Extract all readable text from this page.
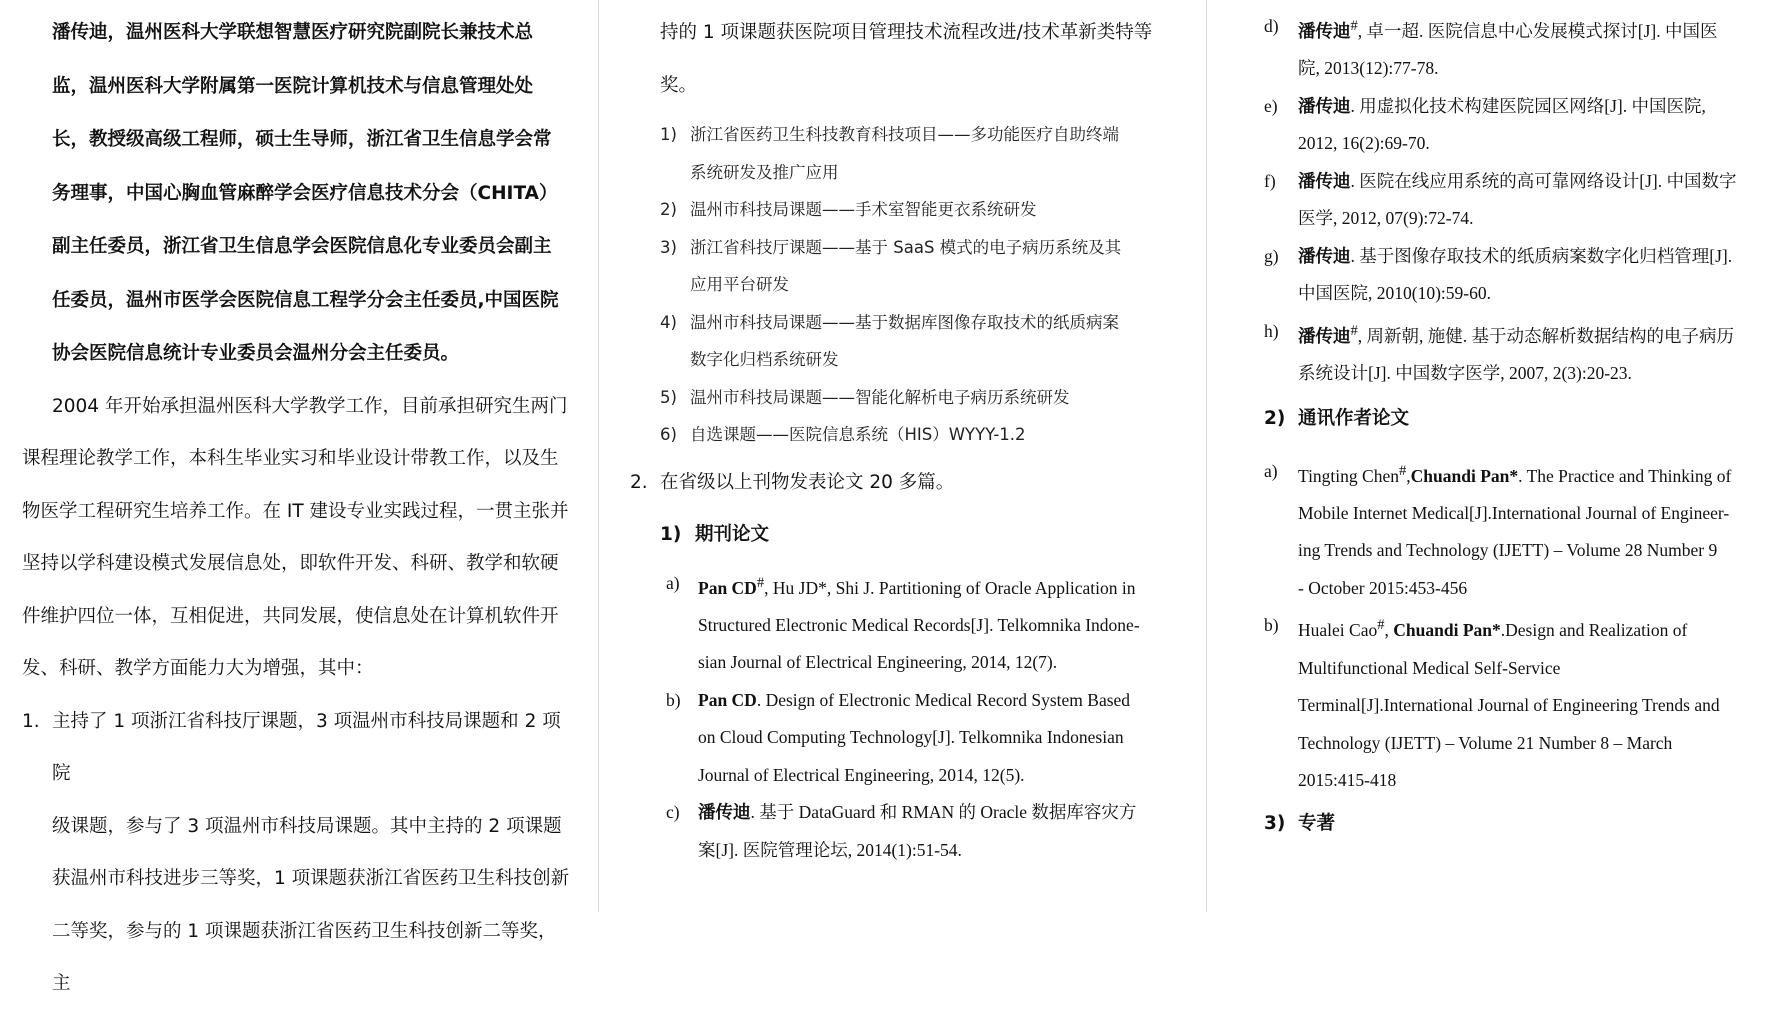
潘传迪，温州医科大学联想智慧医疗研究院副院长兼技术总
监，温州医科大学附属第一医院计算机技术与信息管理处处
长，教授级高级工程师，硕士生导师，浙江省卫生信息学会常
务理事，中国心胸血管麻醉学会医疗信息技术分会（CHITA）
副主任委员，浙江省卫生信息学会医院信息化专业委员会副主
任委员，温州市医学会医院信息工程学分会主任委员,中国医院
协会医院信息统计专业委员会温州分会主任委员。
2004 年开始承担温州医科大学教学工作，目前承担研究生两门
课程理论教学工作，本科生毕业实习和毕业设计带教工作，以及生
物医学工程研究生培养工作。在 IT 建设专业实践过程，一贯主张并
坚持以学科建设模式发展信息处，即软件开发、科研、教学和软硬
件维护四位一体，互相促进，共同发展，使信息处在计算机软件开
发、科研、教学方面能力大为增强，其中：
1. 主持了 1 项浙江省科技厅课题，3 项温州市科技局课题和 2 项院
级课题，参与了 3 项温州市科技局课题。其中主持的 2 项课题
获温州市科技进步三等奖，1 项课题获浙江省医药卫生科技创新
二等奖，参与的 1 项课题获浙江省医药卫生科技创新二等奖，主
持的 1 项课题获医院项目管理技术流程改进/技术革新类特等
奖。
1) 浙江省医药卫生科技教育科技项目——多功能医疗自助终端
系统研发及推广应用
2) 温州市科技局课题——手术室智能更衣系统研发
3) 浙江省科技厅课题——基于 SaaS 模式的电子病历系统及其
应用平台研发
4) 温州市科技局课题——基于数据库图像存取技术的纸质病案
数字化归档系统研发
5) 温州市科技局课题——智能化解析电子病历系统研发
6) 自选课题——医院信息系统（HIS）WYYY-1.2
2. 在省级以上刊物发表论文 20 多篇。
1) 期刊论文
a) Pan CD#, Hu JD*, Shi J. Partitioning of Oracle Application in
Structured Electronic Medical Records[J]. Telkomnika Indone-
sian Journal of Electrical Engineering, 2014, 12(7).
b) Pan CD. Design of Electronic Medical Record System Based
on Cloud Computing Technology[J]. Telkomnika Indonesian
Journal of Electrical Engineering, 2014, 12(5).
c) 潘传迪. 基于 DataGuard 和 RMAN 的 Oracle 数据库容灾方
案[J]. 医院管理论坛, 2014(1):51-54.
d) 潘传迪#, 卓一超. 医院信息中心发展模式探讨[J]. 中国医
院, 2013(12):77-78.
e) 潘传迪. 用虚拟化技术构建医院园区网络[J]. 中国医院,
2012, 16(2):69-70.
f) 潘传迪. 医院在线应用系统的高可靠网络设计[J]. 中国数字
医学, 2012, 07(9):72-74.
g) 潘传迪. 基于图像存取技术的纸质病案数字化归档管理[J].
中国医院, 2010(10):59-60.
h) 潘传迪#, 周新朝, 施健. 基于动态解析数据结构的电子病历
系统设计[J]. 中国数字医学, 2007, 2(3):20-23.
2) 通讯作者论文
a) Tingting Chen#,Chuandi Pan*. The Practice and Thinking of
Mobile Internet Medical[J].International Journal of Engineer-
ing Trends and Technology (IJETT) – Volume 28 Number 9
- October 2015:453-456
b) Hualei Cao#, Chuandi Pan*.Design and Realization of
Multifunctional Medical Self-Service
Terminal[J].International Journal of Engineering Trends and
Technology (IJETT) – Volume 21 Number 8 – March
2015:415-418
3) 专著
